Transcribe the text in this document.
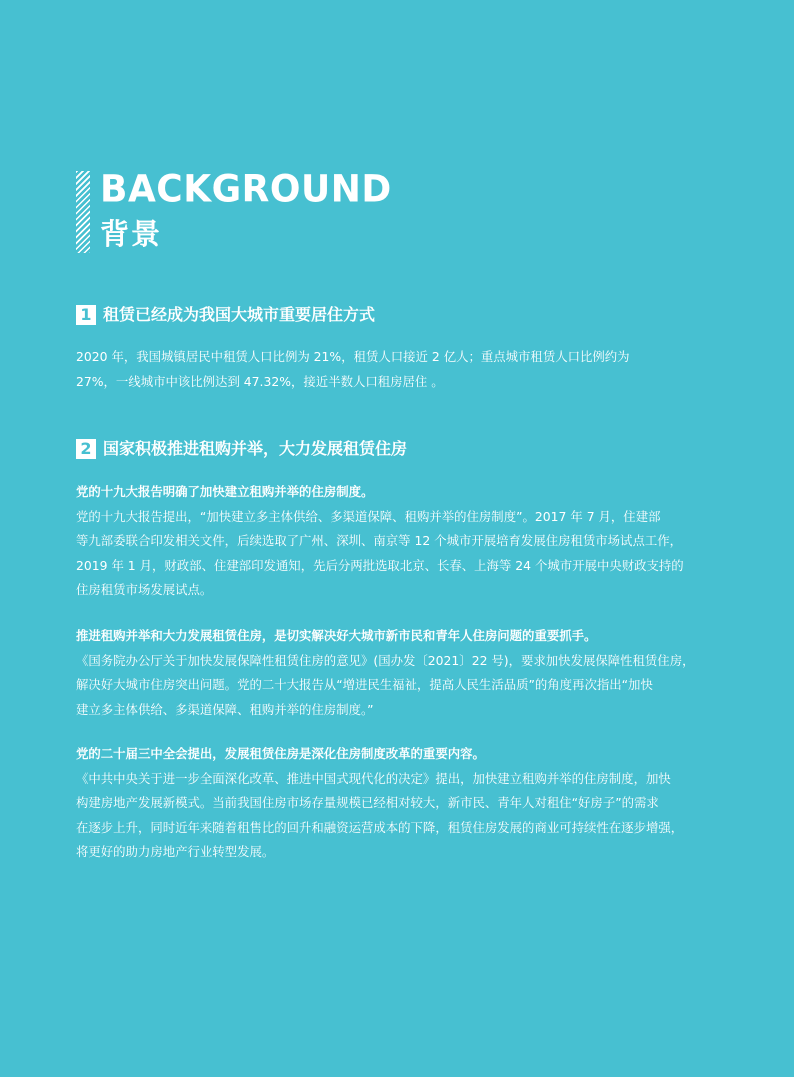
BACKGROUND
背景
1 租赁已经成为我国大城市重要居住方式
2020 年，我国城镇居民中租赁人口比例为 21%，租赁人口接近 2 亿人；重点城市租赁人口比例约为
27%，一线城市中该比例达到 47.32%，接近半数人口租房居住 。
2 国家积极推进租购并举，大力发展租赁住房
党的十九大报告明确了加快建立租购并举的住房制度。
党的十九大报告提出，“加快建立多主体供给、多渠道保障、租购并举的住房制度”。2017 年 7 月，住建部
等九部委联合印发相关文件，后续选取了广州、深圳、南京等 12 个城市开展培育发展住房租赁市场试点工作，
2019 年 1 月，财政部、住建部印发通知，先后分两批选取北京、长春、上海等 24 个城市开展中央财政支持的
住房租赁市场发展试点。
推进租购并举和大力发展租赁住房，是切实解决好大城市新市民和青年人住房问题的重要抓手。
《国务院办公厅关于加快发展保障性租赁住房的意见》(国办发〔2021〕22 号)，要求加快发展保障性租赁住房，
解决好大城市住房突出问题。党的二十大报告从“增进民生福祉，提高人民生活品质”的角度再次指出“加快
建立多主体供给、多渠道保障、租购并举的住房制度。”
党的二十届三中全会提出，发展租赁住房是深化住房制度改革的重要内容。
《中共中央关于进一步全面深化改革、推进中国式现代化的决定》提出，加快建立租购并举的住房制度，加快
构建房地产发展新模式。当前我国住房市场存量规模已经相对较大，新市民、青年人对租住“好房子”的需求
在逐步上升，同时近年来随着租售比的回升和融资运营成本的下降，租赁住房发展的商业可持续性在逐步增强，
将更好的助力房地产行业转型发展。
